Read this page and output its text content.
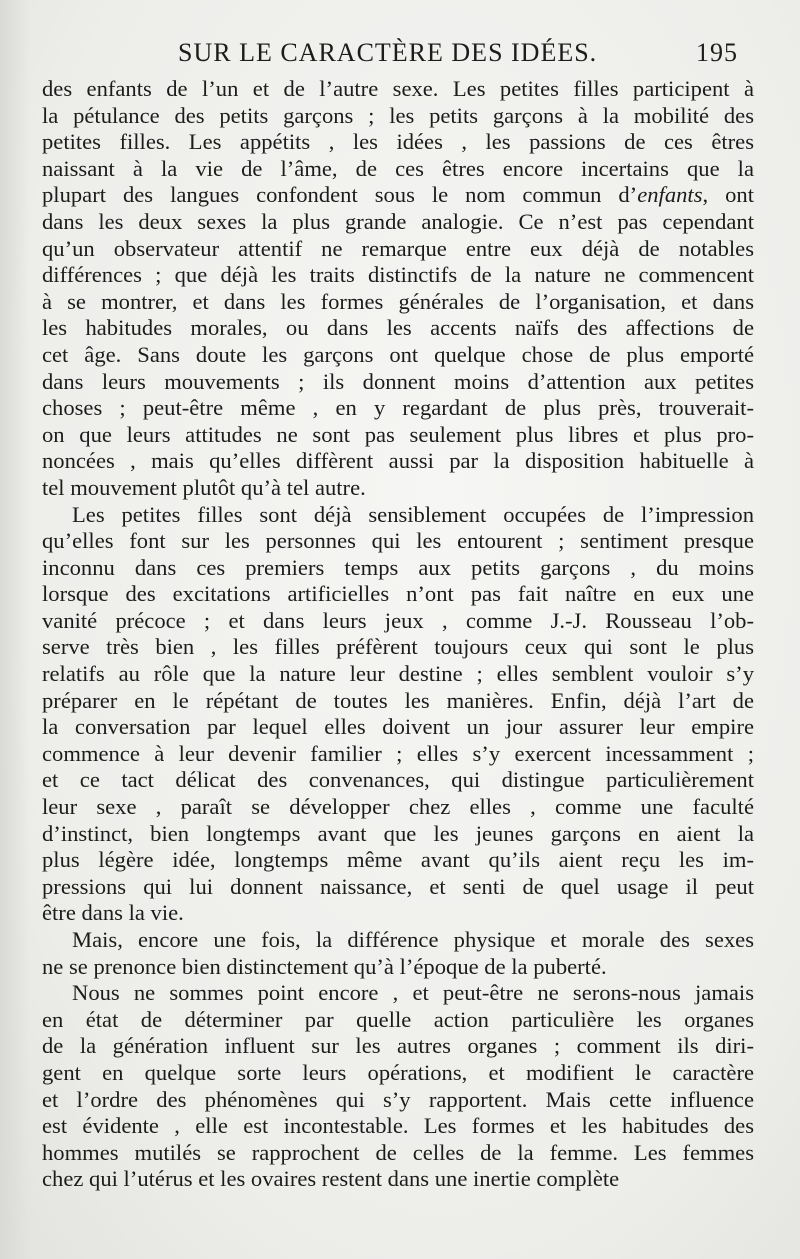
SUR LE CARACTÈRE DES IDÉES.	195
des enfants de l’un et de l’autre sexe. Les petites filles participent à
la pétulance des petits garçons ; les petits garçons à la mobilité des
petites filles. Les appétits , les idées , les passions de ces êtres
naissant à la vie de l’âme, de ces êtres encore incertains que la
plupart des langues confondent sous le nom commun d’enfants, ont
dans les deux sexes la plus grande analogie. Ce n’est pas cependant
qu’un observateur attentif ne remarque entre eux déjà de notables
différences ; que déjà les traits distinctifs de la nature ne commencent
à se montrer, et dans les formes générales de l’organisation, et dans
les habitudes morales, ou dans les accents naïfs des affections de
cet âge. Sans doute les garçons ont quelque chose de plus emporté
dans leurs mouvements ; ils donnent moins d’attention aux petites
choses ; peut-être même , en y regardant de plus près, trouverait-
on que leurs attitudes ne sont pas seulement plus libres et plus pro-
noncées , mais qu’elles diffèrent aussi par la disposition habituelle à
tel mouvement plutôt qu’à tel autre.
Les petites filles sont déjà sensiblement occupées de l’impression
qu’elles font sur les personnes qui les entourent ; sentiment presque
inconnu dans ces premiers temps aux petits garçons , du moins
lorsque des excitations artificielles n’ont pas fait naître en eux une
vanité précoce ; et dans leurs jeux , comme J.-J. Rousseau l’ob-
serve très bien , les filles préfèrent toujours ceux qui sont le plus
relatifs au rôle que la nature leur destine ; elles semblent vouloir s’y
préparer en le répétant de toutes les manières. Enfin, déjà l’art de
la conversation par lequel elles doivent un jour assurer leur empire
commence à leur devenir familier ; elles s’y exercent incessamment ;
et ce tact délicat des convenances, qui distingue particulièrement
leur sexe , paraît se développer chez elles , comme une faculté
d’instinct, bien longtemps avant que les jeunes garçons en aient la
plus légère idée, longtemps même avant qu’ils aient reçu les im-
pressions qui lui donnent naissance, et senti de quel usage il peut
être dans la vie.
Mais, encore une fois, la différence physique et morale des sexes
ne se prenonce bien distinctement qu’à l’époque de la puberté.
Nous ne sommes point encore , et peut-être ne serons-nous jamais
en état de déterminer par quelle action particulière les organes
de la génération influent sur les autres organes ; comment ils diri-
gent en quelque sorte leurs opérations, et modifient le caractère
et l’ordre des phénomènes qui s’y rapportent. Mais cette influence
est évidente , elle est incontestable. Les formes et les habitudes des
hommes mutilés se rapprochent de celles de la femme. Les femmes
chez qui l’utérus et les ovaires restent dans une inertie complète
